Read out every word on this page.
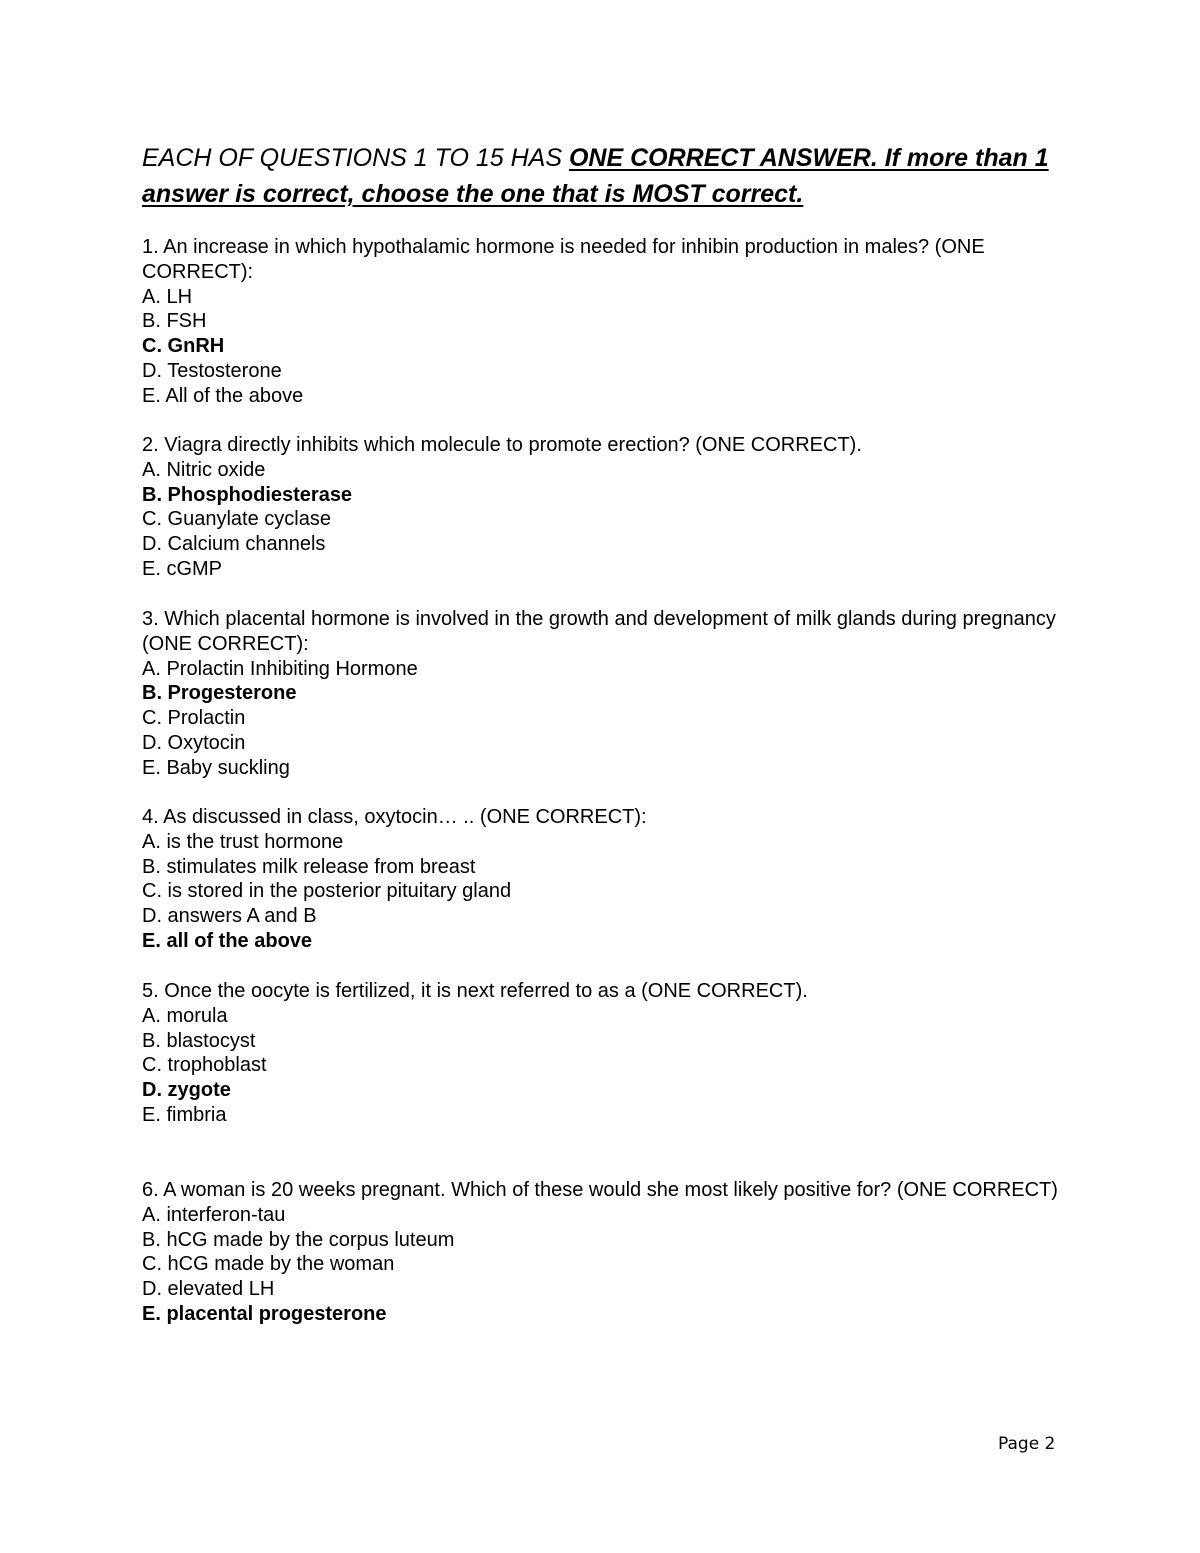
EACH OF QUESTIONS 1 TO 15 HAS ONE CORRECT ANSWER. If more than 1 answer is correct, choose the one that is MOST correct.
1. An increase in which hypothalamic hormone is needed for inhibin production in males? (ONE CORRECT):
A. LH
B. FSH
C. GnRH
D. Testosterone
E. All of the above
2. Viagra directly inhibits which molecule to promote erection? (ONE CORRECT).
A. Nitric oxide
B. Phosphodiesterase
C. Guanylate cyclase
D. Calcium channels
E. cGMP
3. Which placental hormone is involved in the growth and development of milk glands during pregnancy (ONE CORRECT):
A. Prolactin Inhibiting Hormone
B. Progesterone
C. Prolactin
D. Oxytocin
E. Baby suckling
4. As discussed in class, oxytocin… .. (ONE CORRECT):
A. is the trust hormone
B. stimulates milk release from breast
C. is stored in the posterior pituitary gland
D. answers A and B
E. all of the above
5. Once the oocyte is fertilized, it is next referred to as a (ONE CORRECT).
A. morula
B. blastocyst
C. trophoblast
D. zygote
E. fimbria
6. A woman is 20 weeks pregnant. Which of these would she most likely positive for? (ONE CORRECT)
A. interferon-tau
B. hCG made by the corpus luteum
C. hCG made by the woman
D. elevated LH
E. placental progesterone
Page 2
